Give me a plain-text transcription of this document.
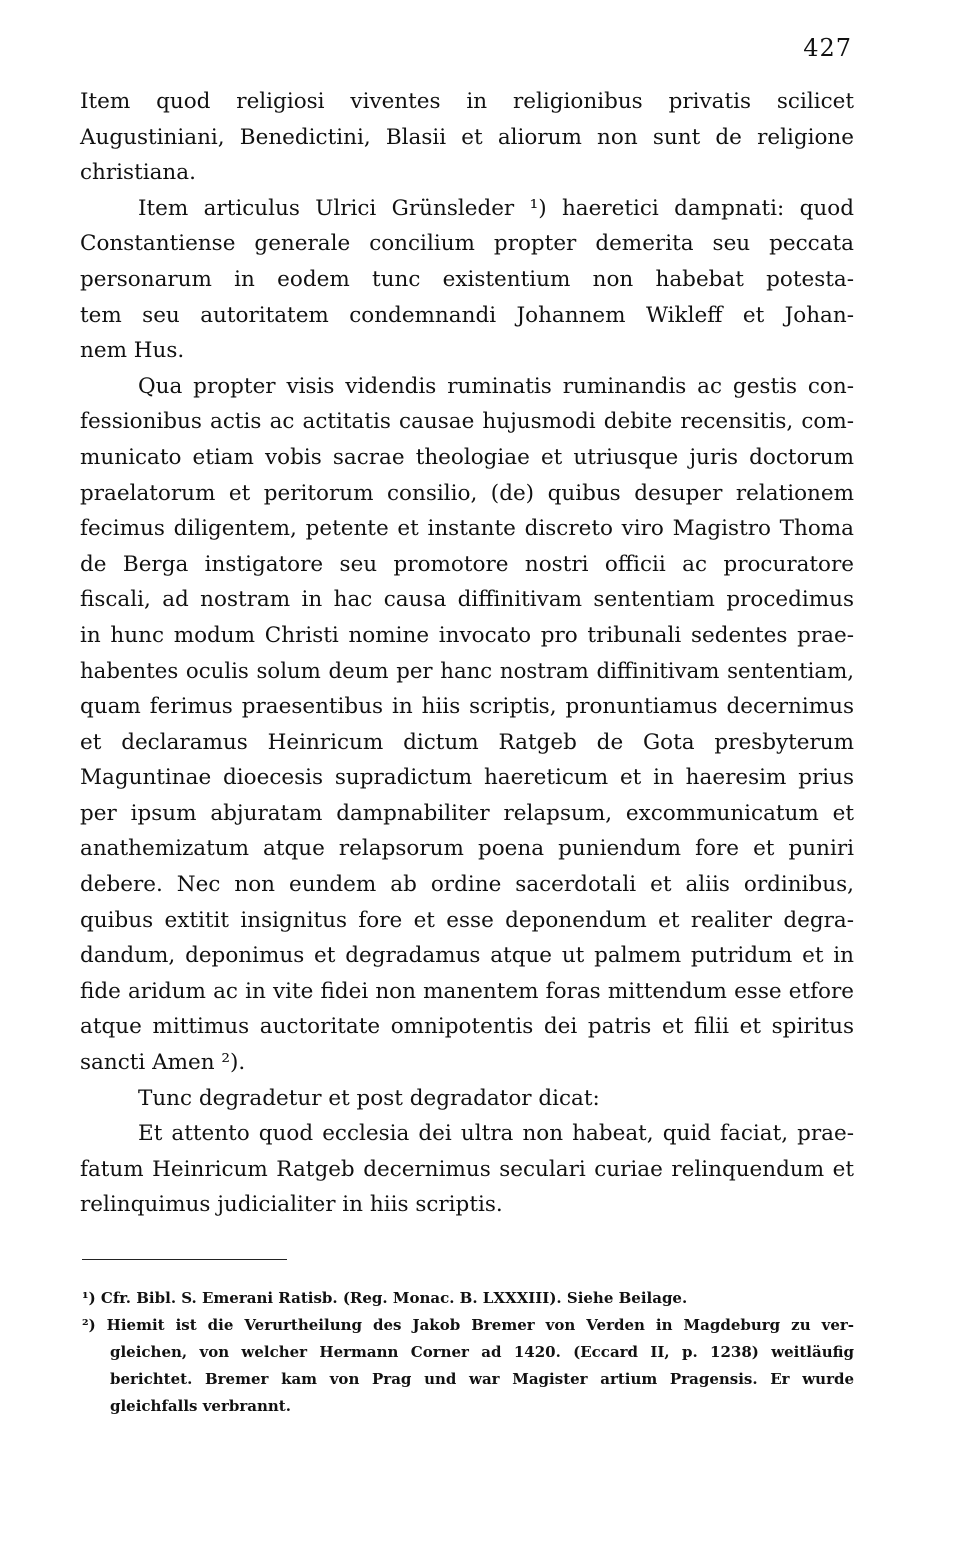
427
Item quod religiosi viventes in religionibus privatis scilicet
Augustiniani, Benedictini, Blasii et aliorum non sunt de religione
christiana.
Item articulus Ulrici Grünsleder ¹) haeretici dampnati: quod
Constantiense generale concilium propter demerita seu peccata
personarum in eodem tunc existentium non habebat potesta-
tem seu autoritatem condemnandi Johannem Wikleff et Johan-
nem Hus.
Qua propter visis videndis ruminatis ruminandis ac gestis con-
fessionibus actis ac actitatis causae hujusmodi debite recensitis, com-
municato etiam vobis sacrae theologiae et utriusque juris doctorum
praelatorum et peritorum consilio, (de) quibus desuper relationem
fecimus diligentem, petente et instante discreto viro Magistro Thoma
de Berga instigatore seu promotore nostri officii ac procuratore
fiscali, ad nostram in hac causa diffinitivam sententiam procedimus
in hunc modum Christi nomine invocato pro tribunali sedentes prae-
habentes oculis solum deum per hanc nostram diffinitivam sententiam,
quam ferimus praesentibus in hiis scriptis, pronuntiamus decernimus
et declaramus Heinricum dictum Ratgeb de Gota presbyterum
Maguntinae dioecesis supradictum haereticum et in haeresim prius
per ipsum abjuratam dampnabiliter relapsum, excommunicatum et
anathemizatum atque relapsorum poena puniendum fore et puniri
debere. Nec non eundem ab ordine sacerdotali et aliis ordinibus,
quibus extitit insignitus fore et esse deponendum et realiter degra-
dandum, deponimus et degradamus atque ut palmem putridum et in
fide aridum ac in vite fidei non manentem foras mittendum esse etfore
atque mittimus auctoritate omnipotentis dei patris et filii et spiritus
sancti Amen ²).
Tunc degradetur et post degradator dicat:
Et attento quod ecclesia dei ultra non habeat, quid faciat, prae-
fatum Heinricum Ratgeb decernimus seculari curiae relinquendum et
relinquimus judicialiter in hiis scriptis.
¹) Cfr. Bibl. S. Emerani Ratisb. (Reg. Monac. B. LXXXIII). Siehe Beilage.
²) Hiemit ist die Verurtheilung des Jakob Bremer von Verden in Magdeburg zu ver-
gleichen, von welcher Hermann Corner ad 1420. (Eccard II, p. 1238) weitläufig
berichtet. Bremer kam von Prag und war Magister artium Pragensis. Er wurde
gleichfalls verbrannt.
